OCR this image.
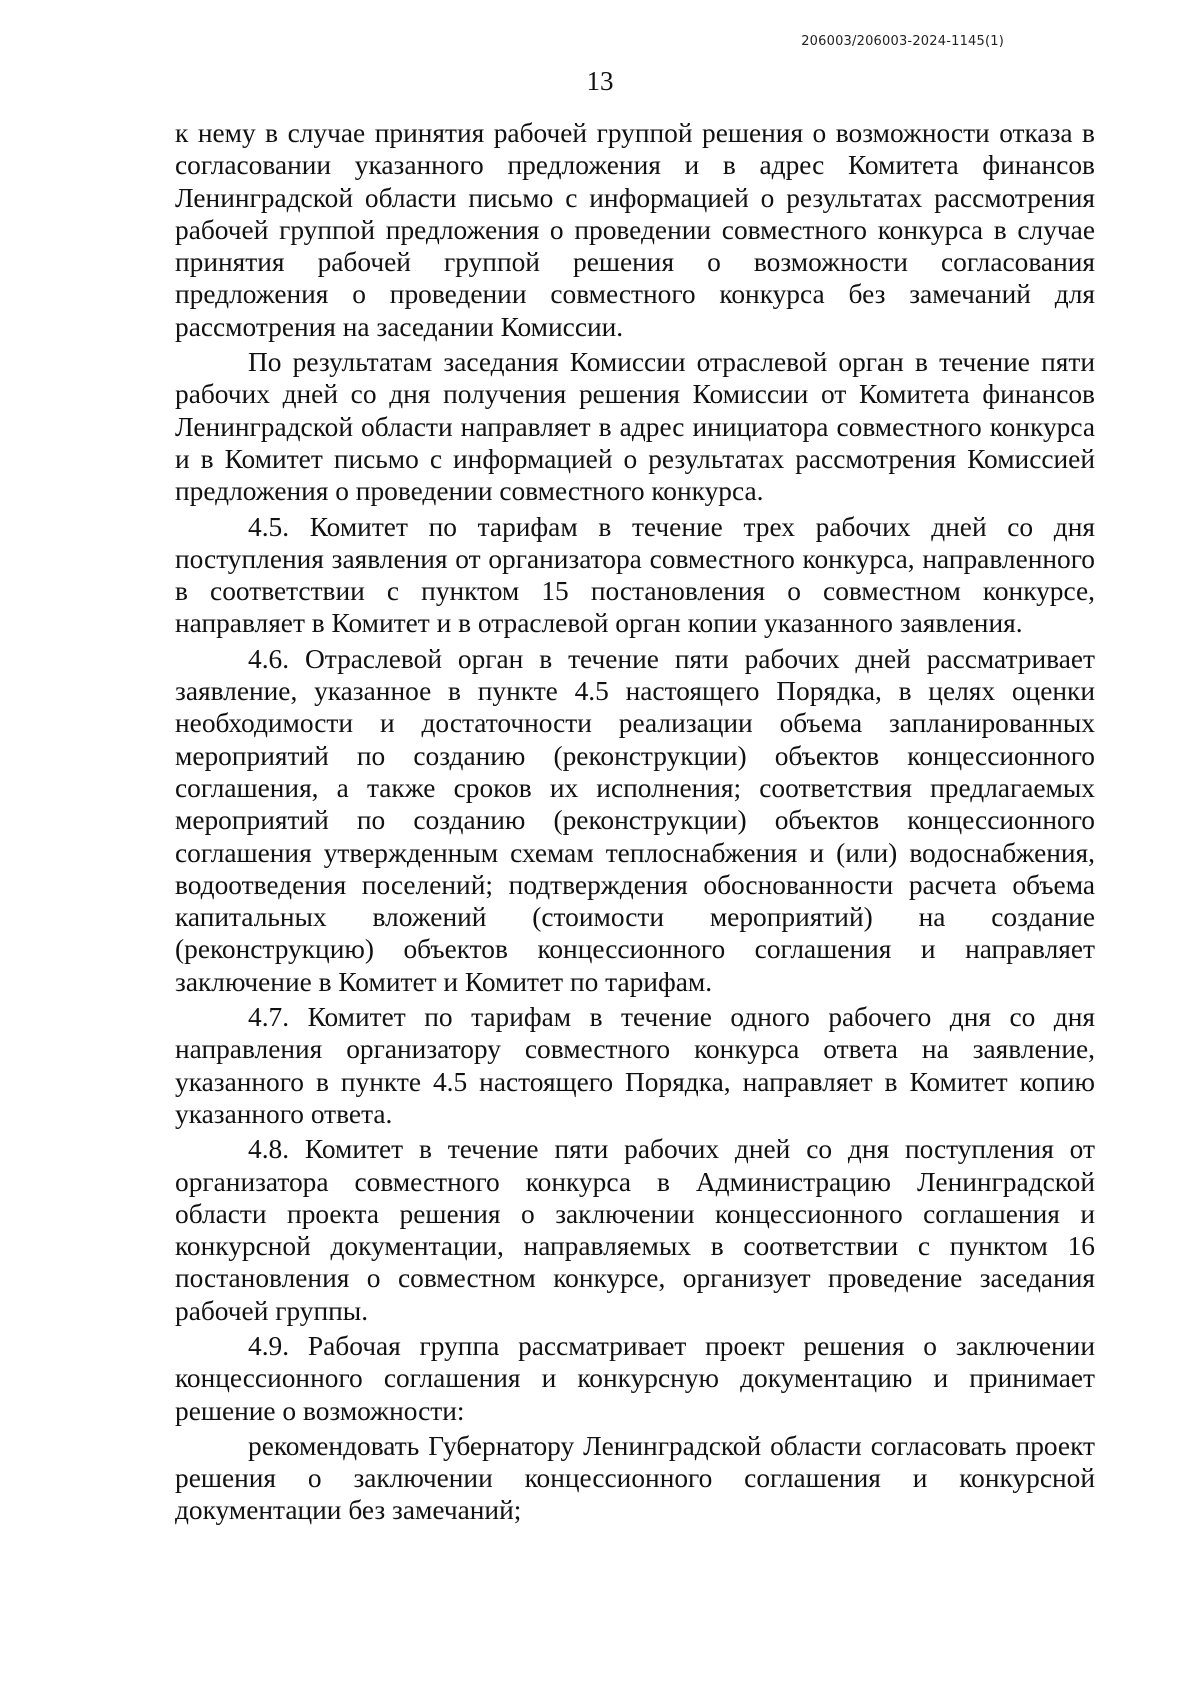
206003/206003-2024-1145(1)
13

к нему в случае принятия рабочей группой решения о возможности отказа в согласовании указанного предложения и в адрес Комитета финансов Ленинградской области письмо с информацией о результатах рассмотрения рабочей группой предложения о проведении совместного конкурса в случае принятия рабочей группой решения о возможности согласования предложения о проведении совместного конкурса без замечаний для рассмотрения на заседании Комиссии.

По результатам заседания Комиссии отраслевой орган в течение пяти рабочих дней со дня получения решения Комиссии от Комитета финансов Ленинградской области направляет в адрес инициатора совместного конкурса и в Комитет письмо с информацией о результатах рассмотрения Комиссией предложения о проведении совместного конкурса.

4.5. Комитет по тарифам в течение трех рабочих дней со дня поступления заявления от организатора совместного конкурса, направленного в соответствии с пунктом 15 постановления о совместном конкурсе, направляет в Комитет и в отраслевой орган копии указанного заявления.

4.6. Отраслевой орган в течение пяти рабочих дней рассматривает заявление, указанное в пункте 4.5 настоящего Порядка, в целях оценки необходимости и достаточности реализации объема запланированных мероприятий по созданию (реконструкции) объектов концессионного соглашения, а также сроков их исполнения; соответствия предлагаемых мероприятий по созданию (реконструкции) объектов концессионного соглашения утвержденным схемам теплоснабжения и (или) водоснабжения, водоотведения поселений; подтверждения обоснованности расчета объема капитальных вложений (стоимости мероприятий) на создание (реконструкцию) объектов концессионного соглашения и направляет заключение в Комитет и Комитет по тарифам.

4.7. Комитет по тарифам в течение одного рабочего дня со дня направления организатору совместного конкурса ответа на заявление, указанного в пункте 4.5 настоящего Порядка, направляет в Комитет копию указанного ответа.

4.8. Комитет в течение пяти рабочих дней со дня поступления от организатора совместного конкурса в Администрацию Ленинградской области проекта решения о заключении концессионного соглашения и конкурсной документации, направляемых в соответствии с пунктом 16 постановления о совместном конкурсе, организует проведение заседания рабочей группы.

4.9. Рабочая группа рассматривает проект решения о заключении концессионного соглашения и конкурсную документацию и принимает решение о возможности:

рекомендовать Губернатору Ленинградской области согласовать проект решения о заключении концессионного соглашения и конкурсной документации без замечаний;
